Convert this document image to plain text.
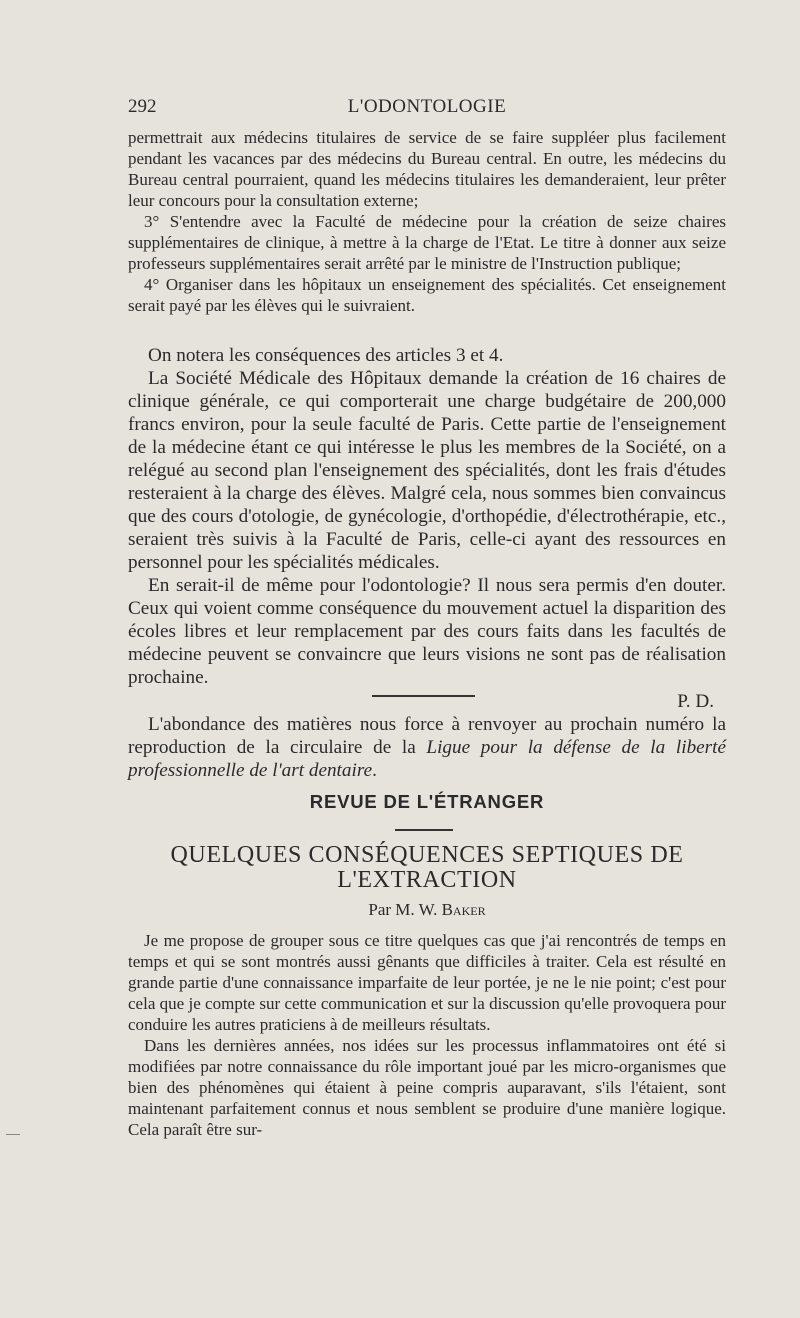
292	L'ODONTOLOGIE

permettrait aux médecins titulaires de service de se faire suppléer plus facilement pendant les vacances par des médecins du Bureau central. En outre, les médecins du Bureau central pourraient, quand les médecins titulaires les demanderaient, leur prêter leur concours pour la consultation externe;

3° S'entendre avec la Faculté de médecine pour la création de seize chaires supplémentaires de clinique, à mettre à la charge de l'Etat. Le titre à donner aux seize professeurs supplémentaires serait arrêté par le ministre de l'Instruction publique;

4° Organiser dans les hôpitaux un enseignement des spécialités. Cet enseignement serait payé par les élèves qui le suivraient.

On notera les conséquences des articles 3 et 4.

La Société Médicale des Hôpitaux demande la création de 16 chaires de clinique générale, ce qui comporterait une charge budgétaire de 200,000 francs environ, pour la seule faculté de Paris. Cette partie de l'enseignement de la médecine étant ce qui intéresse le plus les membres de la Société, on a relégué au second plan l'enseignement des spécialités, dont les frais d'études resteraient à la charge des élèves. Malgré cela, nous sommes bien convaincus que des cours d'otologie, de gynécologie, d'orthopédie, d'électrothérapie, etc., seraient très suivis à la Faculté de Paris, celle-ci ayant des ressources en personnel pour les spécialités médicales.

En serait-il de même pour l'odontologie? Il nous sera permis d'en douter. Ceux qui voient comme conséquence du mouvement actuel la disparition des écoles libres et leur remplacement par des cours faits dans les facultés de médecine peuvent se convaincre que leurs visions ne sont pas de réalisation prochaine.

P. D.

L'abondance des matières nous force à renvoyer au prochain numéro la reproduction de la circulaire de la Ligue pour la défense de la liberté professionnelle de l'art dentaire.

REVUE DE L'ÉTRANGER
QUELQUES CONSÉQUENCES SEPTIQUES DE
L'EXTRACTION
Par M. W. Baker

Je me propose de grouper sous ce titre quelques cas que j'ai rencontrés de temps en temps et qui se sont montrés aussi gênants que difficiles à traiter. Cela est résulté en grande partie d'une connaissance imparfaite de leur portée, je ne le nie point; c'est pour cela que je compte sur cette communication et sur la discussion qu'elle provoquera pour conduire les autres praticiens à de meilleurs résultats.

Dans les dernières années, nos idées sur les processus inflammatoires ont été si modifiées par notre connaissance du rôle important joué par les micro-organismes que bien des phénomènes qui étaient à peine compris auparavant, s'ils l'étaient, sont maintenant parfaitement connus et nous semblent se produire d'une manière logique. Cela paraît être sur-
